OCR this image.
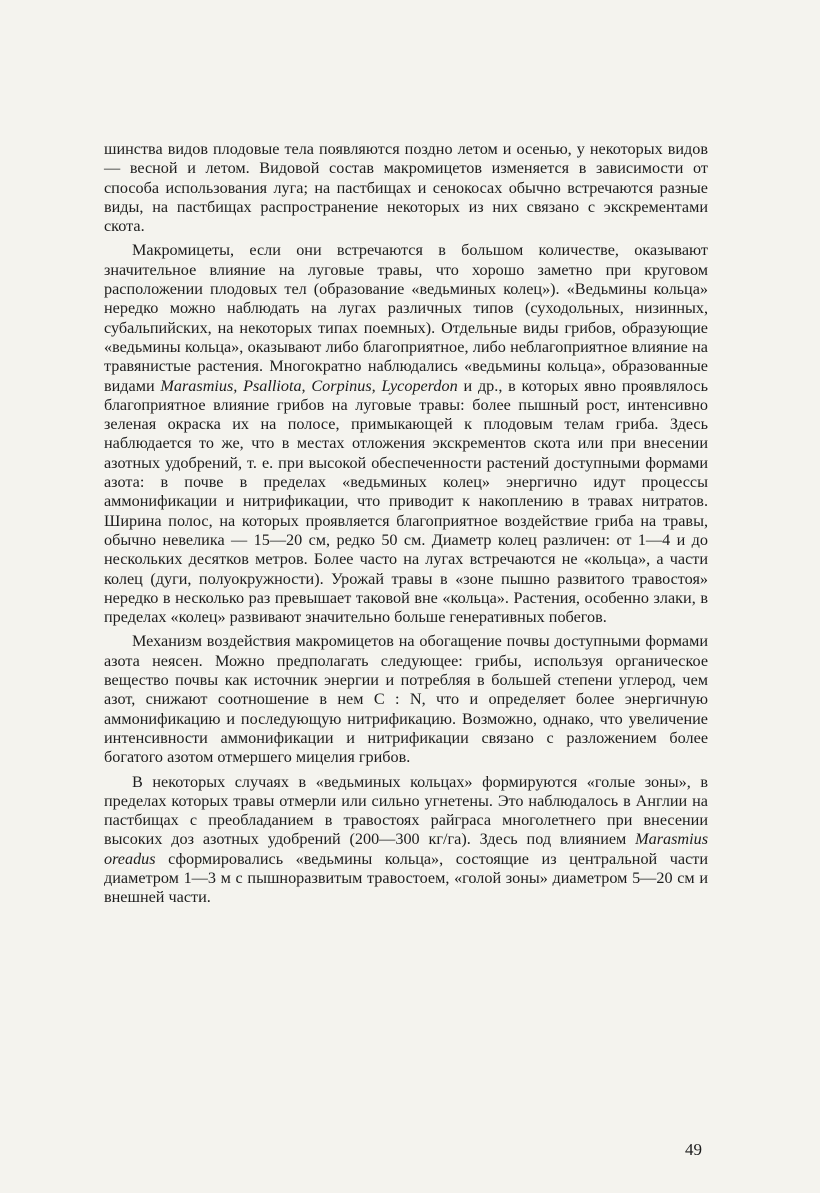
шинства видов плодовые тела появляются поздно летом и осенью, у некоторых видов — весной и летом. Видовой состав макромицетов изменяется в зависимости от способа использования луга; на пастбищах и сенокосах обычно встречаются разные виды, на пастбищах распространение некоторых из них связано с экскрементами скота.

Макромицеты, если они встречаются в большом количестве, оказывают значительное влияние на луговые травы, что хорошо заметно при круговом расположении плодовых тел (образование «ведьминых колец»). «Ведьмины кольца» нередко можно наблюдать на лугах различных типов (суходольных, низинных, субальпийских, на некоторых типах поемных). Отдельные виды грибов, образующие «ведьмины кольца», оказывают либо благоприятное, либо неблагоприятное влияние на травянистые растения. Многократно наблюдались «ведьмины кольца», образованные видами Marasmius, Psalliota, Corpinus, Lycoperdon и др., в которых явно проявлялось благоприятное влияние грибов на луговые травы: более пышный рост, интенсивно зеленая окраска их на полосе, примыкающей к плодовым телам гриба. Здесь наблюдается то же, что в местах отложения экскрементов скота или при внесении азотных удобрений, т. е. при высокой обеспеченности растений доступными формами азота: в почве в пределах «ведьминых колец» энергично идут процессы аммонификации и нитрификации, что приводит к накоплению в травах нитратов. Ширина полос, на которых проявляется благоприятное воздействие гриба на травы, обычно невелика — 15—20 см, редко 50 см. Диаметр колец различен: от 1—4 и до нескольких десятков метров. Более часто на лугах встречаются не «кольца», а части колец (дуги, полуокружности). Урожай травы в «зоне пышно развитого травостоя» нередко в несколько раз превышает таковой вне «кольца». Растения, особенно злаки, в пределах «колец» развивают значительно больше генеративных побегов.

Механизм воздействия макромицетов на обогащение почвы доступными формами азота неясен. Можно предполагать следующее: грибы, используя органическое вещество почвы как источник энергии и потребляя в большей степени углерод, чем азот, снижают соотношение в нем C : N, что и определяет более энергичную аммонификацию и последующую нитрификацию. Возможно, однако, что увеличение интенсивности аммонификации и нитрификации связано с разложением более богатого азотом отмершего мицелия грибов.

В некоторых случаях в «ведьминых кольцах» формируются «голые зоны», в пределах которых травы отмерли или сильно угнетены. Это наблюдалось в Англии на пастбищах с преобладанием в травостоях райграса многолетнего при внесении высоких доз азотных удобрений (200—300 кг/га). Здесь под влиянием Marasmius oreadus сформировались «ведьмины кольца», состоящие из центральной части диаметром 1—3 м с пышноразвитым травостоем, «голой зоны» диаметром 5—20 см и внешней части.

49
